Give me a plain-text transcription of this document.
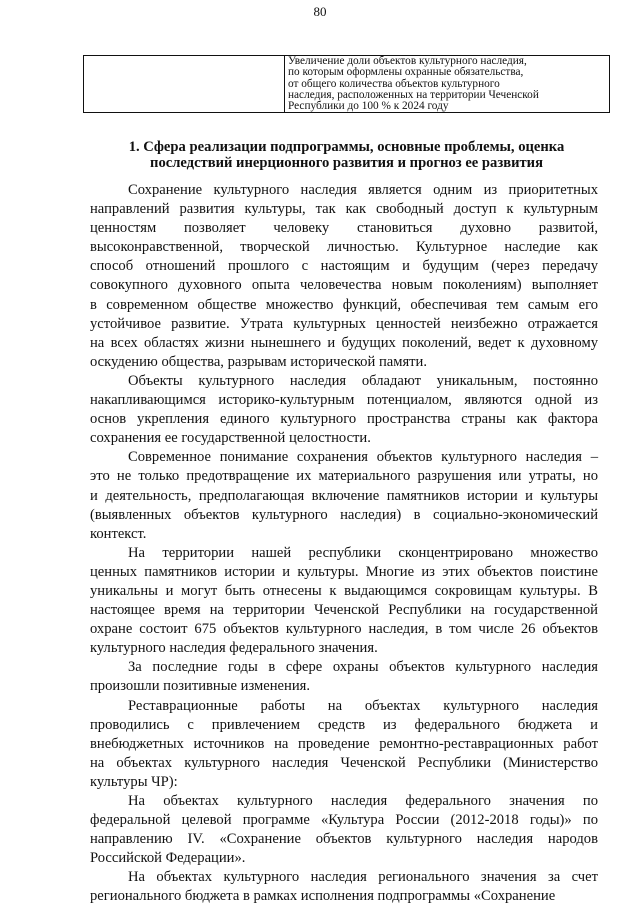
80

Увеличение доли объектов культурного наследия,
по которым оформлены охранные обязательства,
от общего количества объектов культурного
наследия, расположенных на территории Чеченской
Республики до 100 % к 2024 году
1. Сфера реализации подпрограммы, основные проблемы, оценка
последствий инерционного развития и прогноз ее развития
Сохранение культурного наследия является одним из приоритетных
направлений развития культуры, так как свободный доступ к культурным
ценностям позволяет человеку становиться духовно развитой,
высоконравственной, творческой личностью. Культурное наследие как
способ отношений прошлого с настоящим и будущим (через передачу
совокупного духовного опыта человечества новым поколениям) выполняет
в современном обществе множество функций, обеспечивая тем самым его
устойчивое развитие. Утрата культурных ценностей неизбежно отражается
на всех областях жизни нынешнего и будущих поколений, ведет к духовному
оскудению общества, разрывам исторической памяти.
Объекты культурного наследия обладают уникальным, постоянно
накапливающимся историко-культурным потенциалом, являются одной из
основ укрепления единого культурного пространства страны как фактора
сохранения ее государственной целостности.
Современное понимание сохранения объектов культурного наследия –
это не только предотвращение их материального разрушения или утраты, но
и деятельность, предполагающая включение памятников истории и культуры
(выявленных объектов культурного наследия) в социально-экономический
контекст.
На территории нашей республики сконцентрировано множество
ценных памятников истории и культуры. Многие из этих объектов поистине
уникальны и могут быть отнесены к выдающимся сокровищам культуры. В
настоящее время на территории Чеченской Республики на государственной
охране состоит 675 объектов культурного наследия, в том числе 26 объектов
культурного наследия федерального значения.
За последние годы в сфере охраны объектов культурного наследия
произошли позитивные изменения.
Реставрационные работы на объектах культурного наследия
проводились с привлечением средств из федерального бюджета и
внебюджетных источников на проведение ремонтно-реставрационных работ
на объектах культурного наследия Чеченской Республики (Министерство
культуры ЧР):
На объектах культурного наследия федерального значения по
федеральной целевой программе «Культура России (2012-2018 годы)» по
направлению IV. «Сохранение объектов культурного наследия народов
Российской Федерации».
На объектах культурного наследия регионального значения за счет
регионального бюджета в рамках исполнения подпрограммы «Сохранение
